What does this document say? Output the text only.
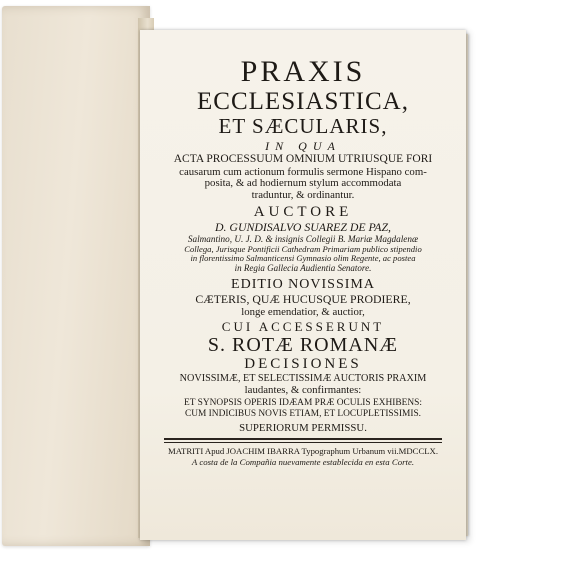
PRAXIS
ECCLESIASTICA,
ET SÆCULARIS,
IN QUA
ACTA PROCESSUUM OMNIUM UTRIUSQUE FORI
causarum cum actionum formulis sermone Hispano com-
posita, & ad hodiernum stylum accommodata
traduntur, & ordinantur.
AUCTORE
D. GUNDISALVO SUAREZ DE PAZ,
Salmantino, U. J. D. & insignis Collegii B. Mariæ Magdalenæ
Collega, Jurisque Pontificii Cathedram Primariam publico stipendio
in florentissimo Salmanticensi Gymnasio olim Regente, ac postea
in Regia Gallecia Audientia Senatore.
EDITIO NOVISSIMA
CÆTERIS, QUÆ HUCUSQUE PRODIERE,
longe emendatior, & auctior,
CUI ACCESSERUNT
S. ROTÆ ROMANÆ
DECISIONES
NOVISSIMÆ, ET SELECTISSIMÆ AUCTORIS PRAXIM
laudantes, & confirmantes:
ET SYNOPSIS OPERIS IDÆAM PRÆ OCULIS EXHIBENS:
CUM INDICIBUS NOVIS ETIAM, ET LOCUPLETISSIMIS.
SUPERIORUM PERMISSU.
MATRITI Apud JOACHIM IBARRA Typographum Urbanum vii.MDCCLX.
A costa de la Compañia nuevamente establecida en esta Corte.
